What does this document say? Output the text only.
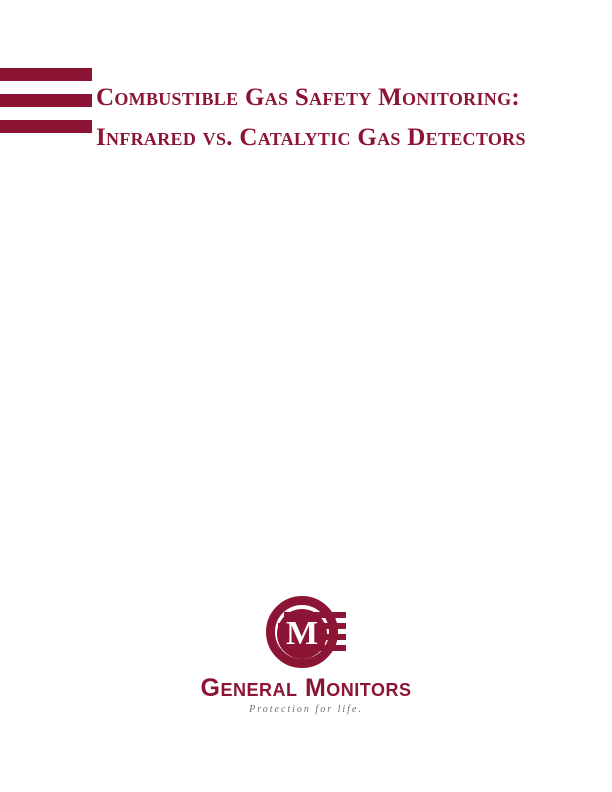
Combustible Gas Safety Monitoring:
Infrared vs. Catalytic Gas Detectors
M
General Monitors
Protection for life.
